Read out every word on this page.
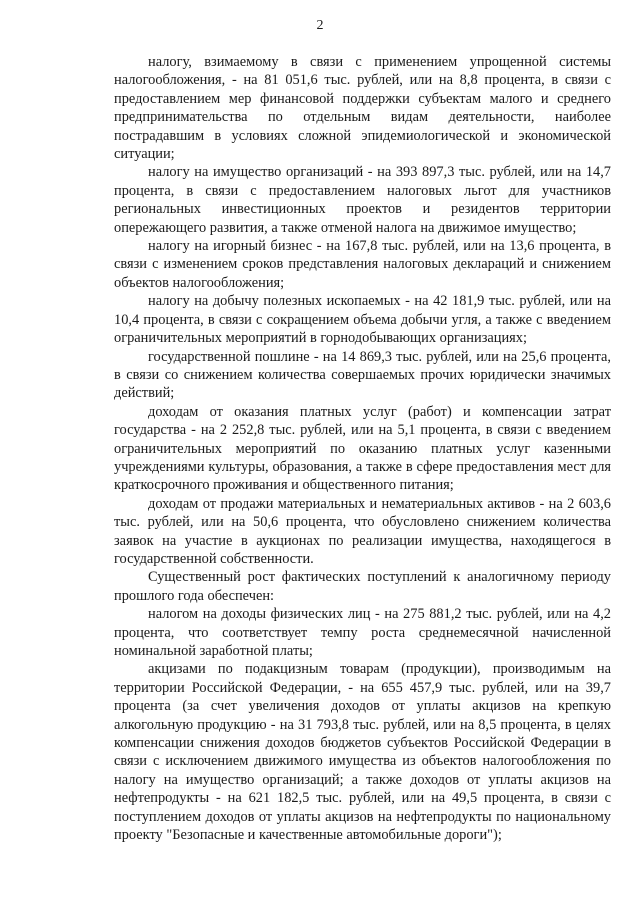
2

налогу, взимаемому в связи с применением упрощенной системы налогообложения, - на 81 051,6 тыс. рублей, или на 8,8 процента, в связи с предоставлением мер финансовой поддержки субъектам малого и среднего предпринимательства по отдельным видам деятельности, наиболее пострадавшим в условиях сложной эпидемиологической и экономической ситуации;

налогу на имущество организаций - на 393 897,3 тыс. рублей, или на 14,7 процента, в связи с предоставлением налоговых льгот для участников региональных инвестиционных проектов и резидентов территории опережающего развития, а также отменой налога на движимое имущество;

налогу на игорный бизнес - на 167,8 тыс. рублей, или на 13,6 процента, в связи с изменением сроков представления налоговых деклараций и снижением объектов налогообложения;

налогу на добычу полезных ископаемых - на 42 181,9 тыс. рублей, или на 10,4 процента, в связи с сокращением объема добычи угля, а также с введением ограничительных мероприятий в горнодобывающих организациях;

государственной пошлине - на 14 869,3 тыс. рублей, или на 25,6 процента, в связи со снижением количества совершаемых прочих юридически значимых действий;

доходам от оказания платных услуг (работ) и компенсации затрат государства - на 2 252,8 тыс. рублей, или на 5,1 процента, в связи с введением ограничительных мероприятий по оказанию платных услуг казенными учреждениями культуры, образования, а также в сфере предоставления мест для краткосрочного проживания и общественного питания;

доходам от продажи материальных и нематериальных активов - на 2 603,6 тыс. рублей, или на 50,6 процента, что обусловлено снижением количества заявок на участие в аукционах по реализации имущества, находящегося в государственной собственности.

Существенный рост фактических поступлений к аналогичному периоду прошлого года обеспечен:

налогом на доходы физических лиц - на 275 881,2 тыс. рублей, или на 4,2 процента, что соответствует темпу роста среднемесячной начисленной номинальной заработной платы;

акцизами по подакцизным товарам (продукции), производимым на территории Российской Федерации, - на 655 457,9 тыс. рублей, или на 39,7 процента (за счет увеличения доходов от уплаты акцизов на крепкую алкогольную продукцию - на 31 793,8 тыс. рублей, или на 8,5 процента, в целях компенсации снижения доходов бюджетов субъектов Российской Федерации в связи с исключением движимого имущества из объектов налогообложения по налогу на имущество организаций; а также доходов от уплаты акцизов на нефтепродукты - на 621 182,5 тыс. рублей, или на 49,5 процента, в связи с поступлением доходов от уплаты акцизов на нефтепродукты по национальному проекту "Безопасные и качественные автомобильные дороги");
